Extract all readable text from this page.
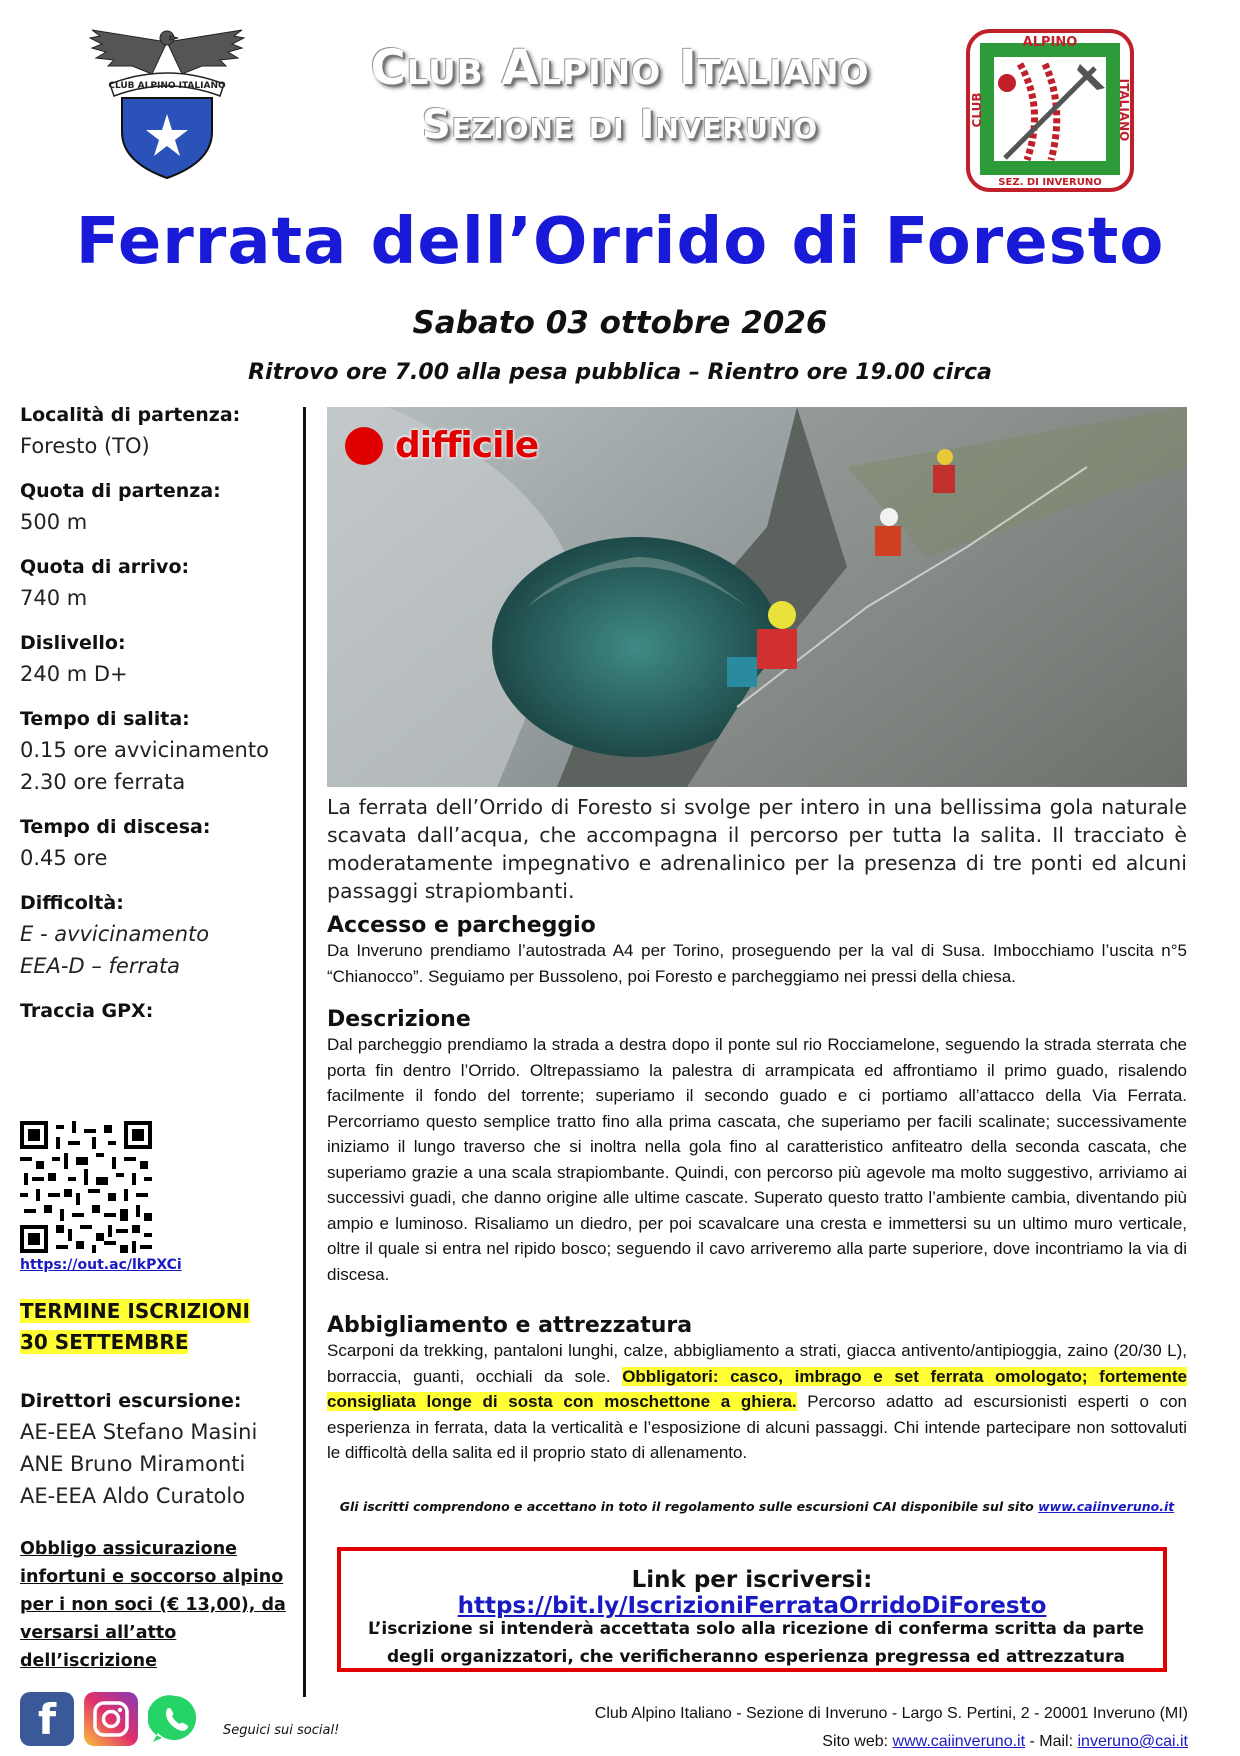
CLUB ALPINO ITALIANO	Club Alpino Italiano
Sezione di Inveruno
ALPINO
SEZ. DI INVERUNO
CLUB	ITALIANO
Ferrata dell’Orrido di Foresto
Sabato 03 ottobre 2026
Ritrovo ore 7.00 alla pesa pubblica – Rientro ore 19.00 circa
Località di partenza:
Foresto (TO)
Quota di partenza:
500 m
Quota di arrivo:
740 m
Dislivello:
240 m D+
Tempo di salita:
0.15 ore avvicinamento
2.30 ore ferrata
Tempo di discesa:
0.45 ore
Difficoltà:
E - avvicinamento
EEA-D – ferrata
Traccia GPX:
https://out.ac/lkPXCi
TERMINE ISCRIZIONI
30 SETTEMBRE
Direttori escursione:
AE-EEA Stefano Masini
ANE Bruno Miramonti
AE-EEA Aldo Curatolo
Obbligo assicurazione infortuni e soccorso alpino per i non soci (€ 13,00), da versarsi all’atto dell’iscrizione
difficile
La ferrata dell’Orrido di Foresto si svolge per intero in una bellissima gola naturale scavata dall’acqua, che accompagna il percorso per tutta la salita. Il tracciato è moderatamente impegnativo e adrenalinico per la presenza di tre ponti ed alcuni passaggi strapiombanti.
Accesso e parcheggio
Da Inveruno prendiamo l’autostrada A4 per Torino, proseguendo per la val di Susa. Imbocchiamo l’uscita n°5 “Chianocco”. Seguiamo per Bussoleno, poi Foresto e parcheggiamo nei pressi della chiesa.
Descrizione
Dal parcheggio prendiamo la strada a destra dopo il ponte sul rio Rocciamelone, seguendo la strada sterrata che porta fin dentro l’Orrido. Oltrepassiamo la palestra di arrampicata ed affrontiamo il primo guado, risalendo facilmente il fondo del torrente; superiamo il secondo guado e ci portiamo all’attacco della Via Ferrata. Percorriamo questo semplice tratto fino alla prima cascata, che superiamo per facili scalinate; successivamente iniziamo il lungo traverso che si inoltra nella gola fino al caratteristico anfiteatro della seconda cascata, che superiamo grazie a una scala strapiombante. Quindi, con percorso più agevole ma molto suggestivo, arriviamo ai successivi guadi, che danno origine alle ultime cascate. Superato questo tratto l’ambiente cambia, diventando più ampio e luminoso. Risaliamo un diedro, per poi scavalcare una cresta e immettersi su un ultimo muro verticale, oltre il quale si entra nel ripido bosco; seguendo il cavo arriveremo alla parte superiore, dove incontriamo la via di discesa.
Abbigliamento e attrezzatura
Scarponi da trekking, pantaloni lunghi, calze, abbigliamento a strati, giacca antivento/antipioggia, zaino (20/30 L), borraccia, guanti, occhiali da sole. Obbligatori: casco, imbrago e set ferrata omologato; fortemente consigliata longe di sosta con moschettone a ghiera. Percorso adatto ad escursionisti esperti o con esperienza in ferrata, data la verticalità e l’esposizione di alcuni passaggi. Chi intende partecipare non sottovaluti le difficoltà della salita ed il proprio stato di allenamento.
Gli iscritti comprendono e accettano in toto il regolamento sulle escursioni CAI disponibile sul sito www.caiinveruno.it
Link per iscriversi: https://bit.ly/IscrizioniFerrataOrridoDiForesto
L’iscrizione si intenderà accettata solo alla ricezione di conferma scritta da parte degli organizzatori, che verificheranno esperienza pregressa ed attrezzatura
f	Seguici sui social!
Club Alpino Italiano - Sezione di Inveruno - Largo S. Pertini, 2 - 20001 Inveruno (MI)
Sito web: www.caiinveruno.it - Mail: inveruno@cai.it
